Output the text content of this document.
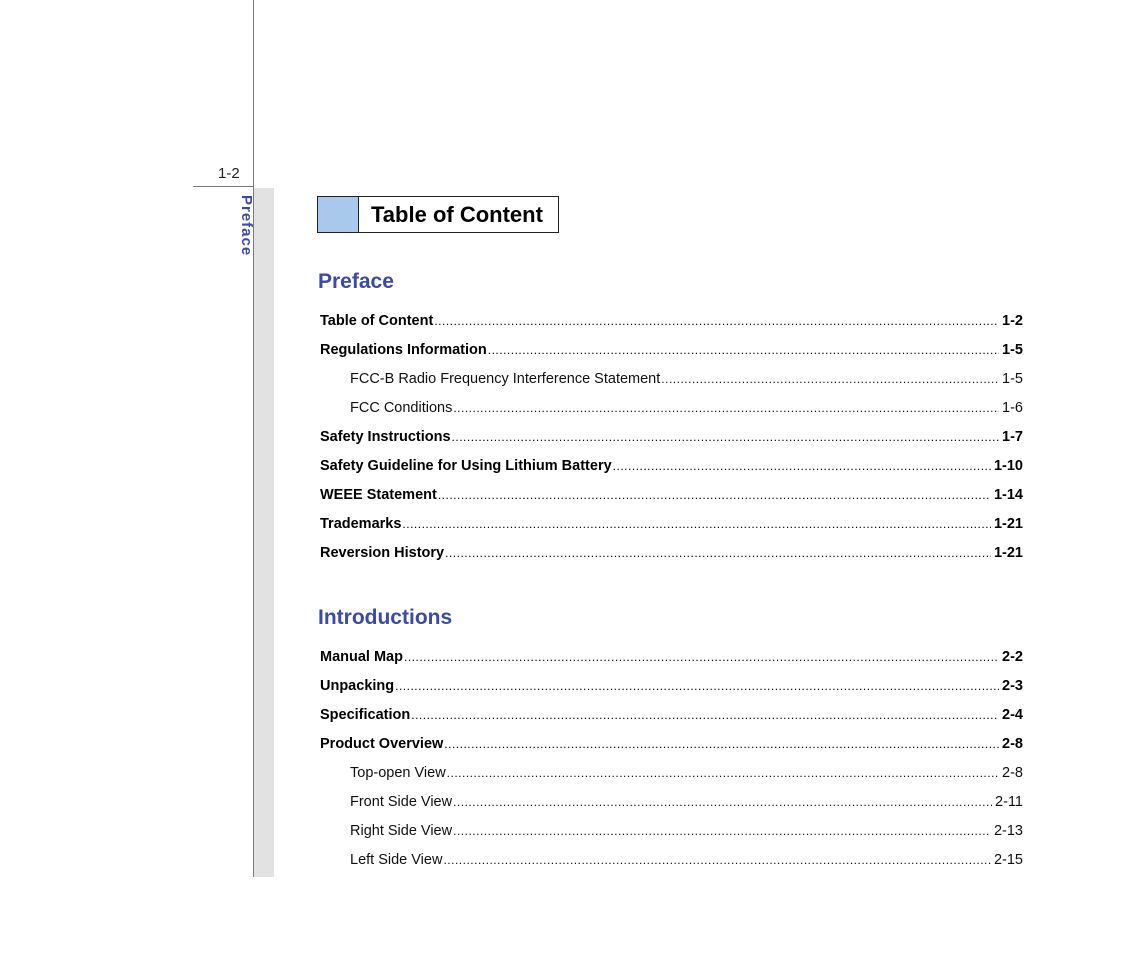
1-2
Preface	Table of Content
Preface
Table of Content .....	1-2
Regulations Information .....	1-5
FCC-B Radio Frequency Interference Statement .....	1-5
FCC Conditions .....	1-6
Safety Instructions .....	1-7
Safety Guideline for Using Lithium Battery .....	1-10
WEEE Statement .....	1-14
Trademarks .....	1-21
Reversion History .....	1-21
Introductions
Manual Map .....	2-2
Unpacking .....	2-3
Specification .....	2-4
Product Overview .....	2-8
Top-open View .....	2-8
Front Side View .....	2-11
Right Side View .....	2-13
Left Side View .....	2-15
